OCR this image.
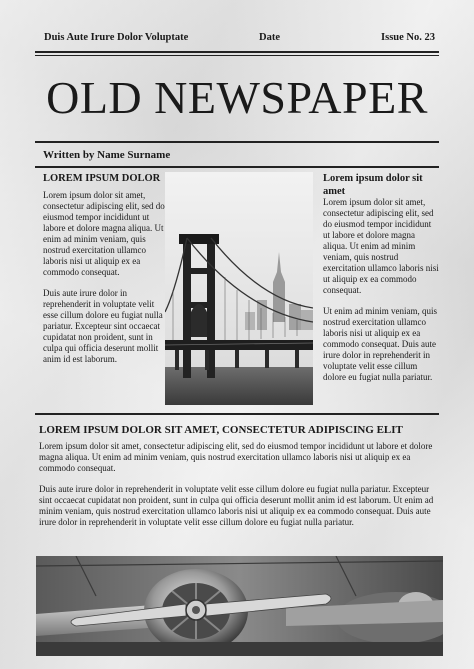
Duis Aute Irure Dolor Voluptate	Date	Issue No. 23
OLD NEWSPAPER
Written by Name Surname
LOREM IPSUM DOLOR

Lorem ipsum dolor sit amet, consectetur adipiscing elit, sed do eiusmod tempor incididunt ut labore et dolore magna aliqua. Ut enim ad minim veniam, quis nostrud exercitation ullamco laboris nisi ut aliquip ex ea commodo consequat.

Duis aute irure dolor in reprehenderit in voluptate velit esse cillum dolore eu fugiat nulla pariatur. Excepteur sint occaecat cupidatat non proident, sunt in culpa qui officia deserunt mollit anim id est laborum.

Lorem ipsum dolor sit amet

Lorem ipsum dolor sit amet, consectetur adipiscing elit, sed do eiusmod tempor incididunt ut labore et dolore magna aliqua. Ut enim ad minim veniam, quis nostrud exercitation ullamco laboris nisi ut aliquip ex ea commodo consequat.

Ut enim ad minim veniam, quis nostrud exercitation ullamco laboris nisi ut aliquip ex ea commodo consequat. Duis aute irure dolor in reprehenderit in voluptate velit esse cillum dolore eu fugiat nulla pariatur.

LOREM IPSUM DOLOR SIT AMET, CONSECTETUR ADIPISCING ELIT

Lorem ipsum dolor sit amet, consectetur adipiscing elit, sed do eiusmod tempor incididunt ut labore et dolore magna aliqua. Ut enim ad minim veniam, quis nostrud exercitation ullamco laboris nisi ut aliquip ex ea commodo consequat.

Duis aute irure dolor in reprehenderit in voluptate velit esse cillum dolore eu fugiat nulla pariatur. Excepteur sint occaecat cupidatat non proident, sunt in culpa qui officia deserunt mollit anim id est laborum. Ut enim ad minim veniam, quis nostrud exercitation ullamco laboris nisi ut aliquip ex ea commodo consequat. Duis aute irure dolor in reprehenderit in voluptate velit esse cillum dolore eu fugiat nulla pariatur.
